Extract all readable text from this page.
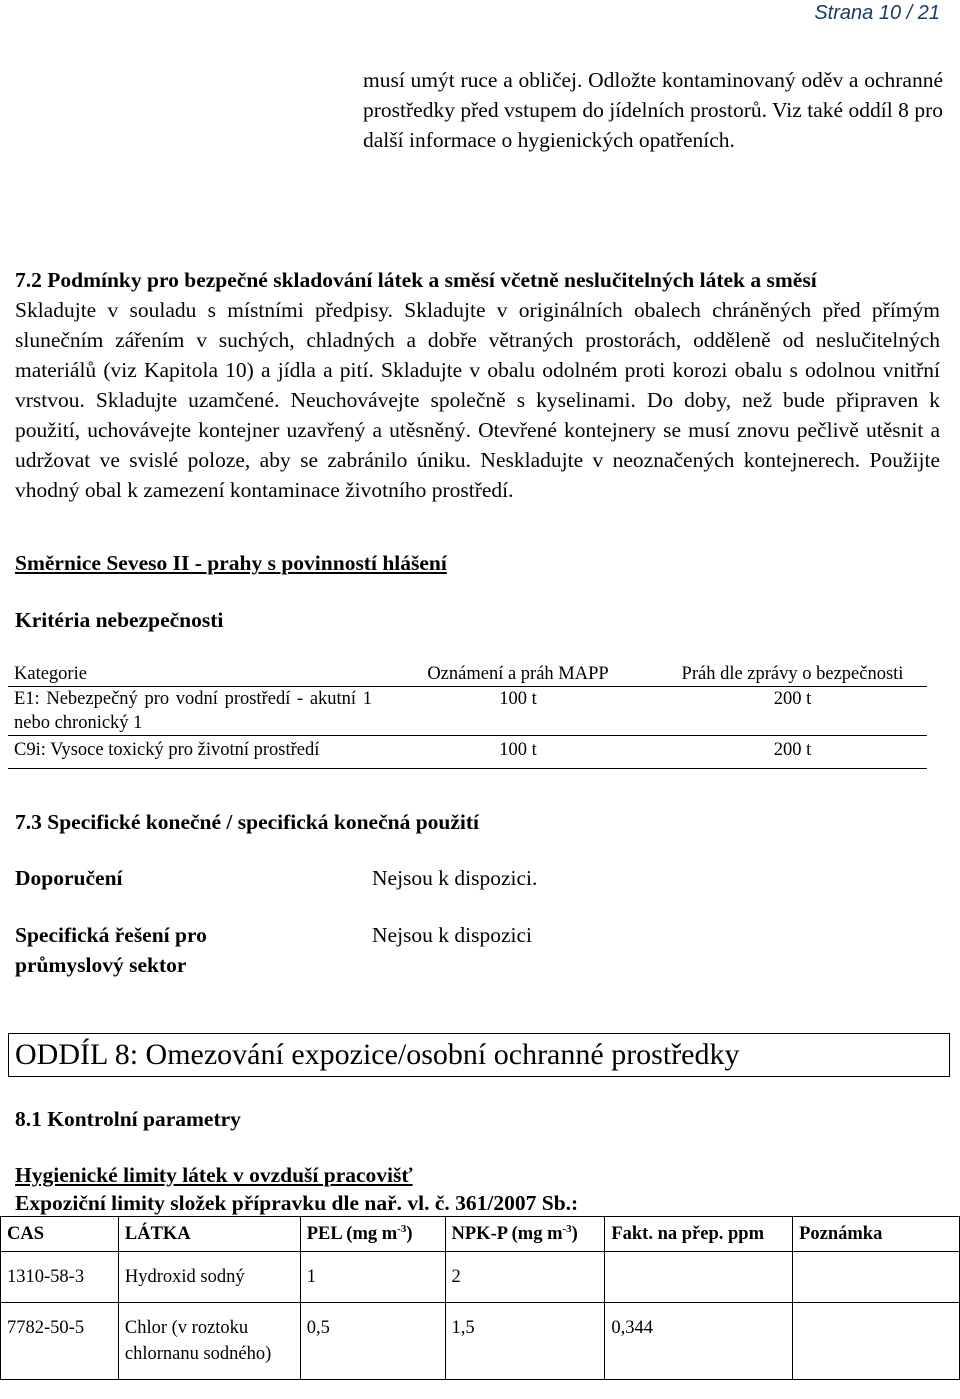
Strana 10 / 21
musí umýt ruce a obličej. Odložte kontaminovaný oděv a ochranné prostředky před vstupem do jídelních prostorů. Viz také oddíl 8 pro další informace o hygienických opatřeních.
7.2 Podmínky pro bezpečné skladování látek a směsí včetně neslučitelných látek a směsí
Skladujte v souladu s místními předpisy. Skladujte v originálních obalech chráněných před přímým slunečním zářením v suchých, chladných a dobře větraných prostorách, odděleně od neslučitelných materiálů (viz Kapitola 10) a jídla a pití. Skladujte v obalu odolném proti korozi obalu s odolnou vnitřní vrstvou. Skladujte uzamčené. Neuchovávejte společně s kyselinami. Do doby, než bude připraven k použití, uchovávejte kontejner uzavřený a utěsněný. Otevřené kontejnery se musí znovu pečlivě utěsnit a udržovat ve svislé poloze, aby se zabránilo úniku. Neskladujte v neoznačených kontejnerech. Použijte vhodný obal k zamezení kontaminace životního prostředí.
Směrnice Seveso II - prahy s povinností hlášení
Kritéria nebezpečnosti
Kategorie	Oznámení a práh MAPP	Práh dle zprávy o bezpečnosti
E1: Nebezpečný pro vodní prostředí - akutní 1 nebo chronický 1	100 t	200 t
C9i: Vysoce toxický pro životní prostředí	100 t	200 t
7.3 Specifické konečné / specifická konečná použití
Doporučení	Nejsou k dispozici.
Specifická řešení pro průmyslový sektor
Nejsou k dispozici
ODDÍL 8: Omezování expozice/osobní ochranné prostředky
8.1 Kontrolní parametry
Hygienické limity látek v ovzduší pracovišť
Expoziční limity složek přípravku dle nař. vl. č. 361/2007 Sb.:
CAS	LÁTKA	PEL (mg $m^{-3}$)	NPK-P (mg $m^{-3}$)	Fakt. na přep. ppm	Poznámka
1310-58-3	Hydroxid sodný	1	2		
7782-50-5	Chlor (v roztoku chlornanu sodného)	0,5	1,5	0,344	
